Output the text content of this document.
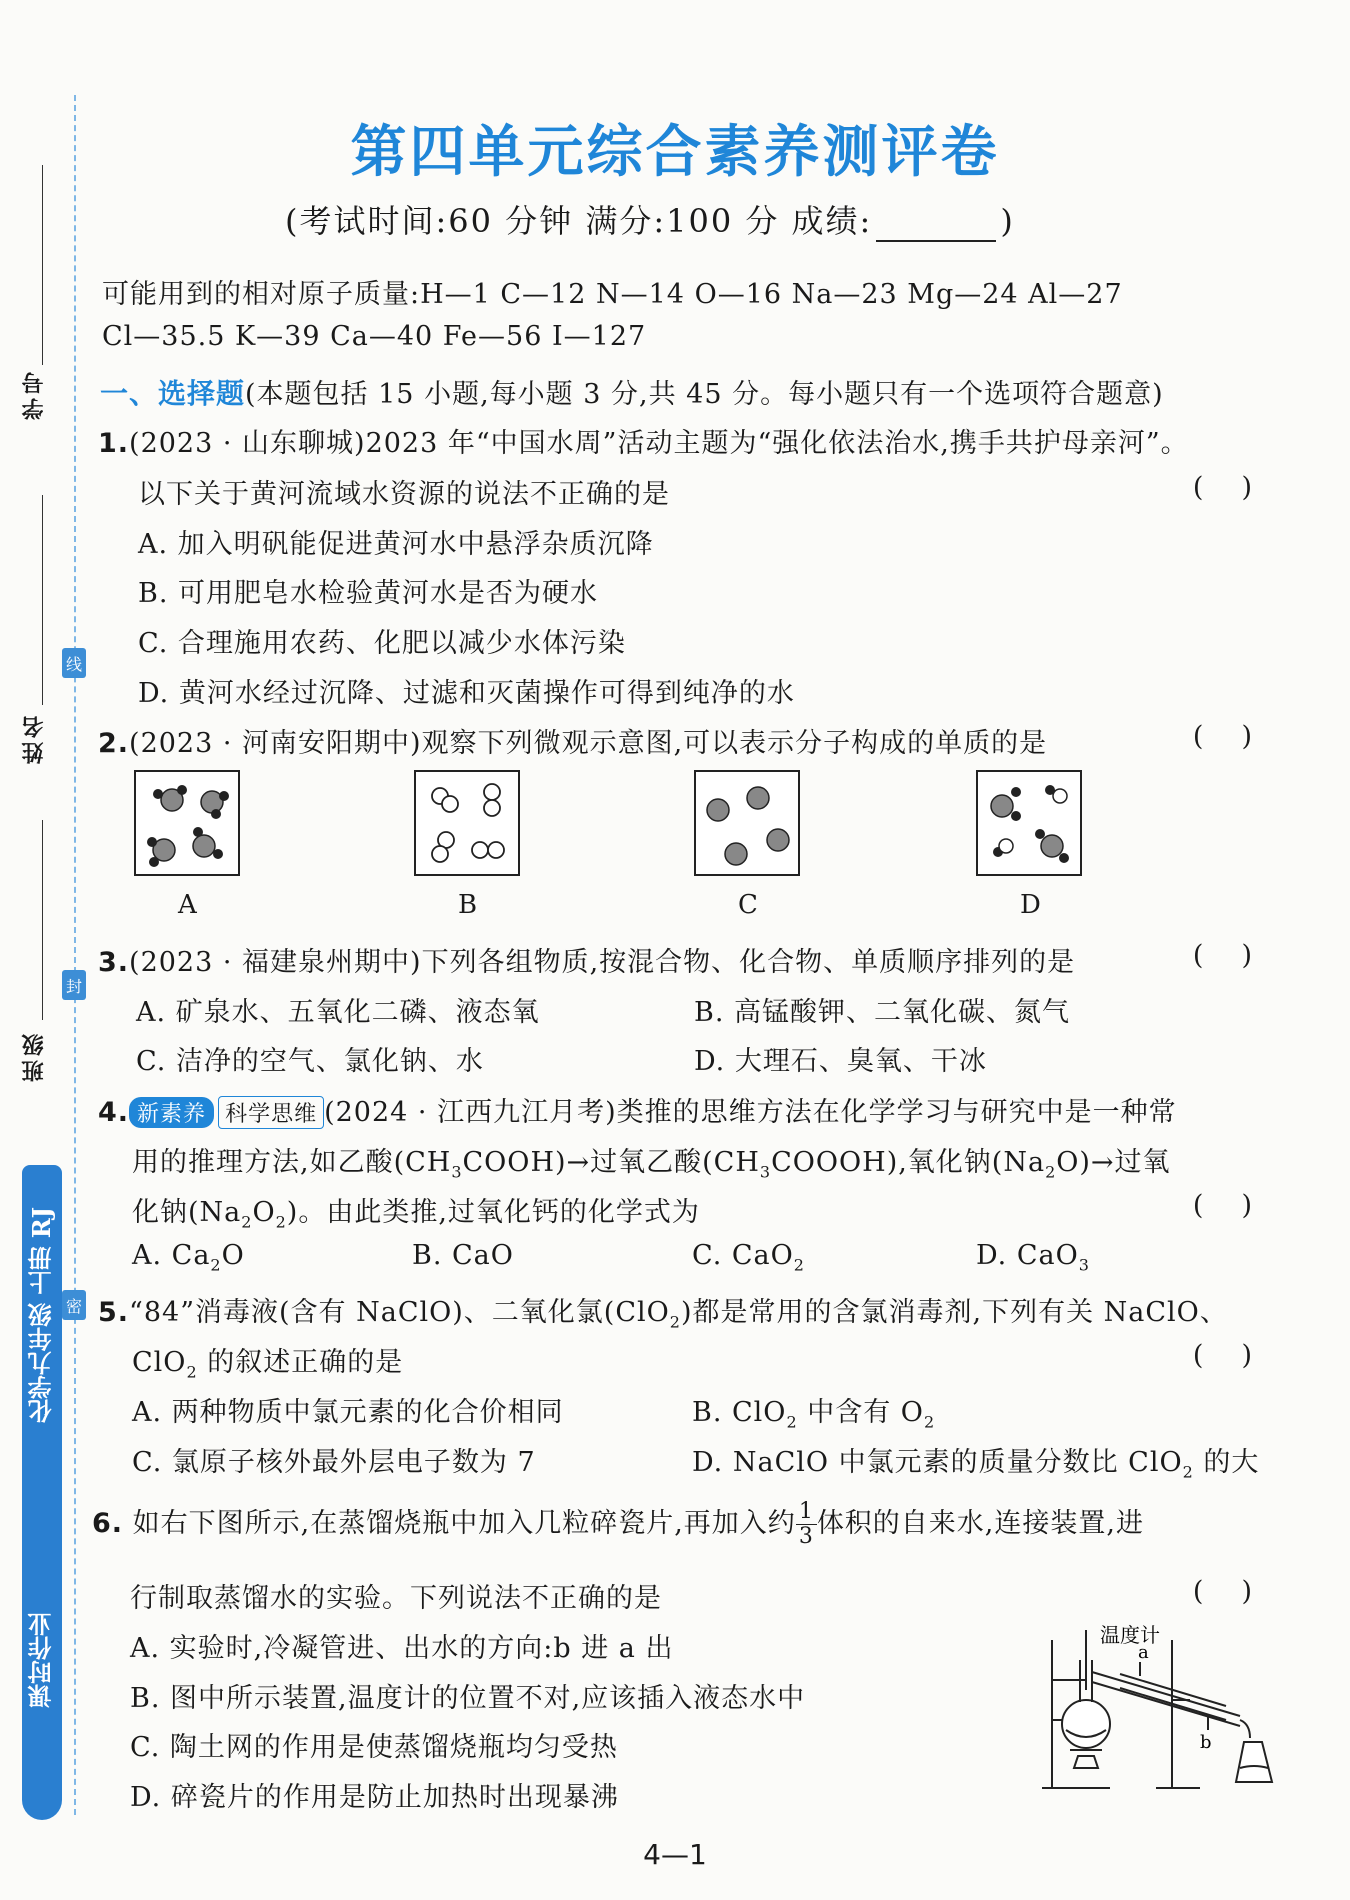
学号
姓名
班级
线
封
密
化学九年级 上册 RJ
课时作业
第四单元综合素养测评卷
(考试时间:60 分钟 满分:100 分 成绩:	)
可能用到的相对原子质量:H—1 C—12 N—14 O—16 Na—23 Mg—24 Al—27
Cl—35.5 K—39 Ca—40 Fe—56 I—127
一、选择题(本题包括 15 小题,每小题 3 分,共 45 分。每小题只有一个选项符合题意)
1.(2023 · 山东聊城)2023 年“中国水周”活动主题为“强化依法治水,携手共护母亲河”。
以下关于黄河流域水资源的说法不正确的是	()
A. 加入明矾能促进黄河水中悬浮杂质沉降
B. 可用肥皂水检验黄河水是否为硬水
C. 合理施用农药、化肥以减少水体污染
D. 黄河水经过沉降、过滤和灭菌操作可得到纯净的水
2.(2023 · 河南安阳期中)观察下列微观示意图,可以表示分子构成的单质的是	()
A	B	C	D
3.(2023 · 福建泉州期中)下列各组物质,按混合物、化合物、单质顺序排列的是	()
A. 矿泉水、五氧化二磷、液态氧	B. 高锰酸钾、二氧化碳、氮气
C. 洁净的空气、氯化钠、水	D. 大理石、臭氧、干冰
4. 新素养 科学思维 (2024 · 江西九江月考)类推的思维方法在化学学习与研究中是一种常
用的推理方法,如乙酸$(CH_3COOH)\to$过氧乙酸$(CH_3COOOH)$,氧化钠$(Na_2O)\to$过氧
化钠$(Na_2O_2)$。由此类推,过氧化钙的化学式为	()
A. $Ca_2O$	B. CaO	C. CaO$_2$	D. CaO$_3$
5.“84”消毒液(含有 NaClO)、二氧化氯(ClO$_2$)都是常用的含氯消毒剂,下列有关 NaClO、
ClO$_2$ 的叙述正确的是	()
A. 两种物质中氯元素的化合价相同	B. ClO$_2$ 中含有 $O_2$
C. 氯原子核外最外层电子数为 7	D. NaClO 中氯元素的质量分数比 ClO$_2$ 的大
6. 如右下图所示,在蒸馏烧瓶中加入几粒碎瓷片,再加入约 $\frac{1}{3}$ 体积的自来水,连接装置,进
行制取蒸馏水的实验。下列说法不正确的是	()
A. 实验时,冷凝管进、出水的方向:b 进 a 出
B. 图中所示装置,温度计的位置不对,应该插入液态水中
C. 陶土网的作用是使蒸馏烧瓶均匀受热
D. 碎瓷片的作用是防止加热时出现暴沸
温度计
a
b
4—1
